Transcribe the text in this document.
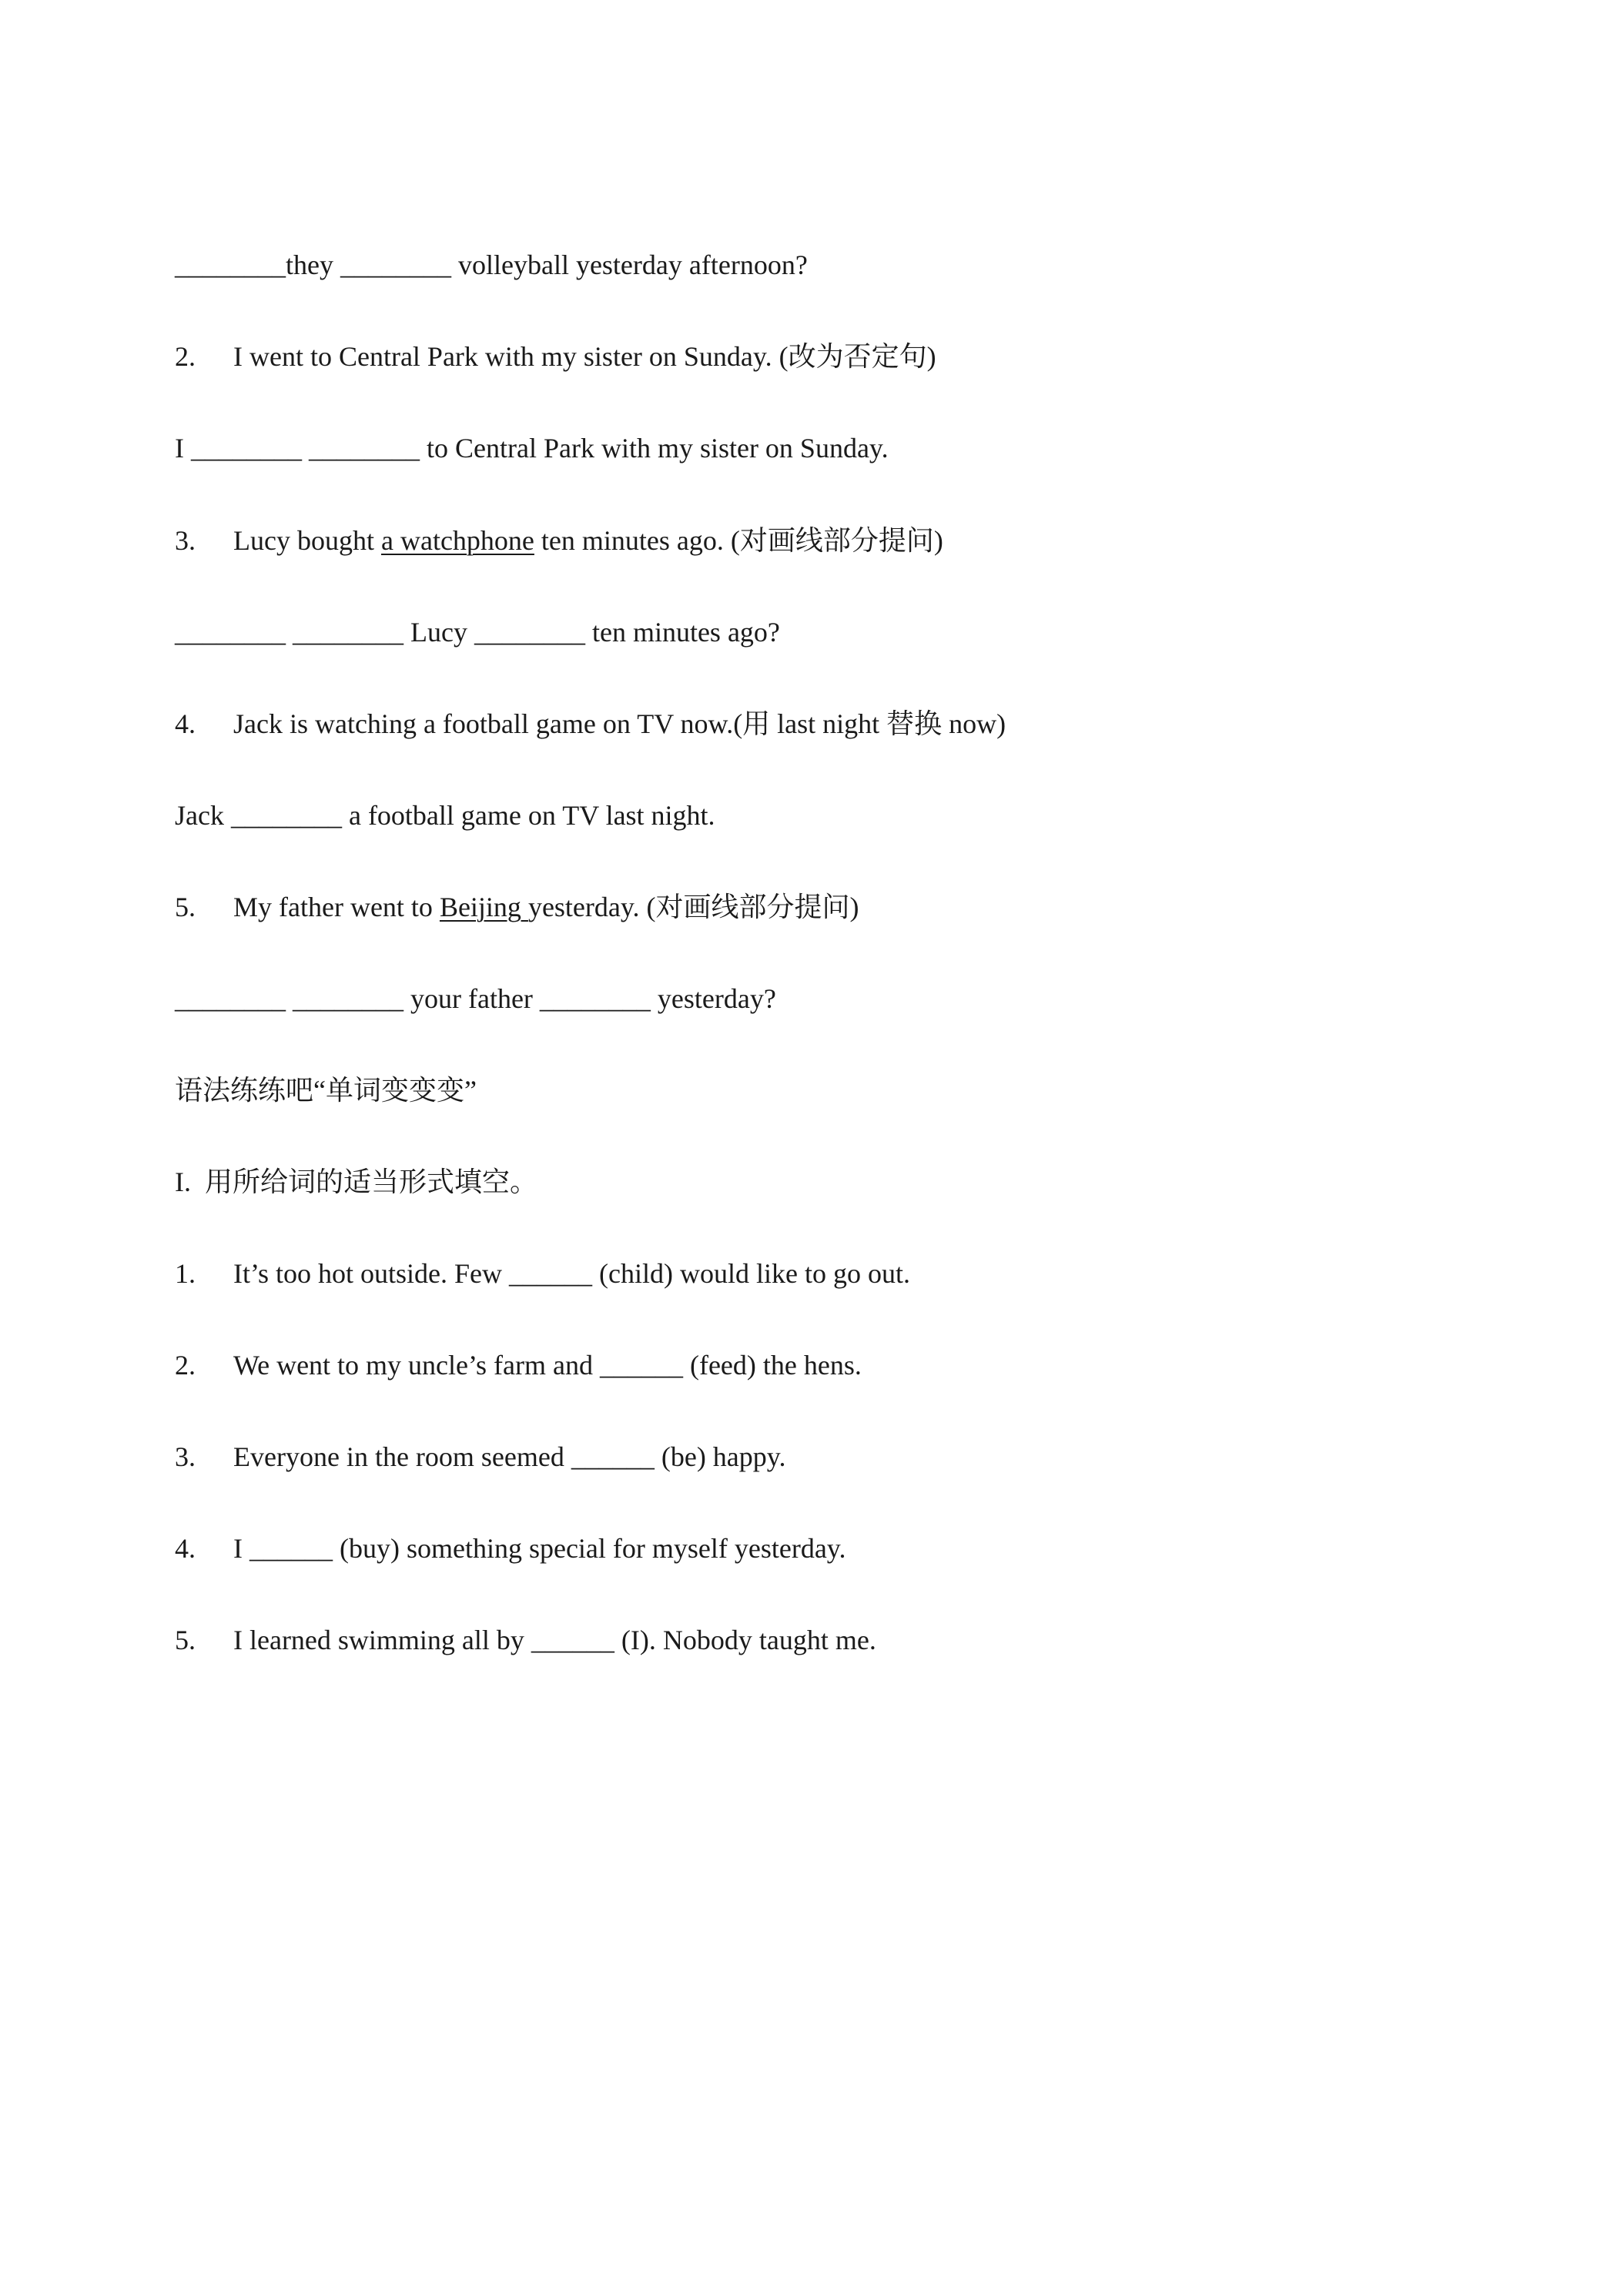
________they ________ volleyball yesterday afternoon?

2. I went to Central Park with my sister on Sunday. (改为否定句)

I ________ ________ to Central Park with my sister on Sunday.

3. Lucy bought a watchphone ten minutes ago. (对画线部分提问)

________ ________ Lucy ________ ten minutes ago?

4. Jack is watching a football game on TV now.(用 last night 替换 now)

Jack ________ a football game on TV last night.

5. My father went to Beijing yesterday. (对画线部分提问)

________ ________ your father ________ yesterday?

语法练练吧“单词变变变”

I.  用所给词的适当形式填空。

1. It’s too hot outside. Few ______ (child) would like to go out.

2. We went to my uncle’s farm and ______ (feed) the hens.

3. Everyone in the room seemed ______ (be) happy.

4. I ______ (buy) something special for myself yesterday.

5. I learned swimming all by ______ (I). Nobody taught me.
